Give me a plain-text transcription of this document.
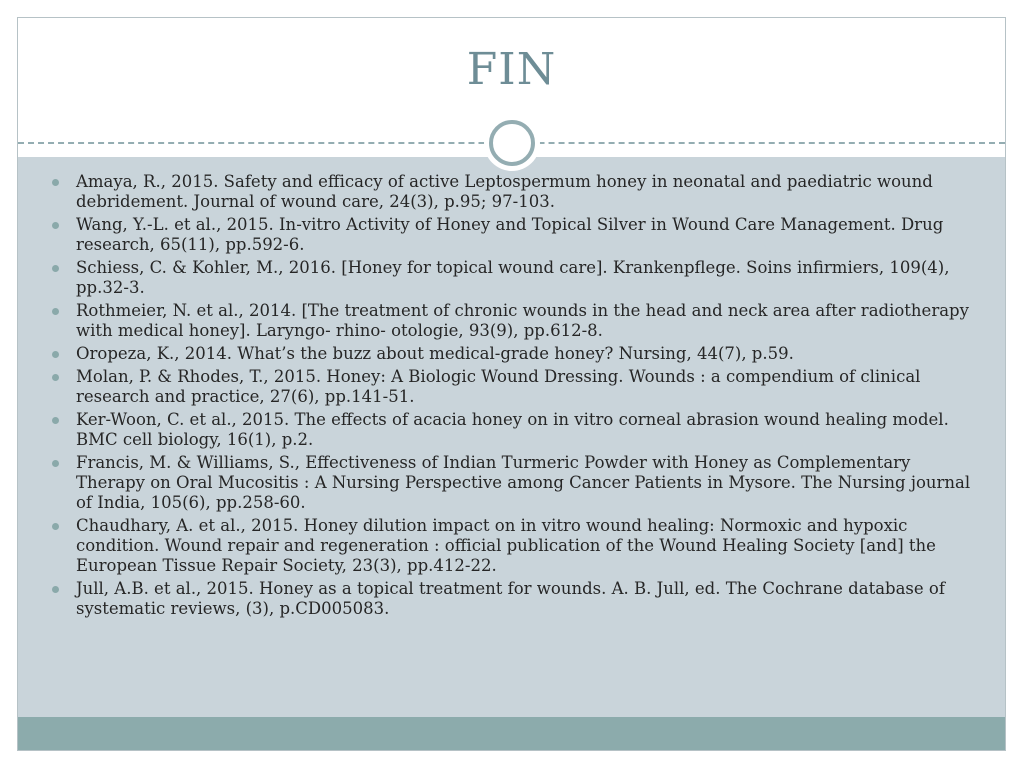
FIN
Amaya, R., 2015. Safety and efficacy of active Leptospermum honey in neonatal and paediatric wound debridement. Journal of wound care, 24(3), p.95; 97-103.
Wang, Y.-L. et al., 2015. In-vitro Activity of Honey and Topical Silver in Wound Care Management. Drug research, 65(11), pp.592-6.
Schiess, C. & Kohler, M., 2016. [Honey for topical wound care]. Krankenpflege. Soins infirmiers, 109(4), pp.32-3.
Rothmeier, N. et al., 2014. [The treatment of chronic wounds in the head and neck area after radiotherapy with medical honey]. Laryngo- rhino- otologie, 93(9), pp.612-8.
Oropeza, K., 2014. What’s the buzz about medical-grade honey? Nursing, 44(7), p.59.
Molan, P. & Rhodes, T., 2015. Honey: A Biologic Wound Dressing. Wounds : a compendium of clinical research and practice, 27(6), pp.141-51.
Ker-Woon, C. et al., 2015. The effects of acacia honey on in vitro corneal abrasion wound healing model. BMC cell biology, 16(1), p.2.
Francis, M. & Williams, S., Effectiveness of Indian Turmeric Powder with Honey as Complementary Therapy on Oral Mucositis : A Nursing Perspective among Cancer Patients in Mysore. The Nursing journal of India, 105(6), pp.258-60.
Chaudhary, A. et al., 2015. Honey dilution impact on in vitro wound healing: Normoxic and hypoxic condition. Wound repair and regeneration : official publication of the Wound Healing Society [and] the European Tissue Repair Society, 23(3), pp.412-22.
Jull, A.B. et al., 2015. Honey as a topical treatment for wounds. A. B. Jull, ed. The Cochrane database of systematic reviews, (3), p.CD005083.
